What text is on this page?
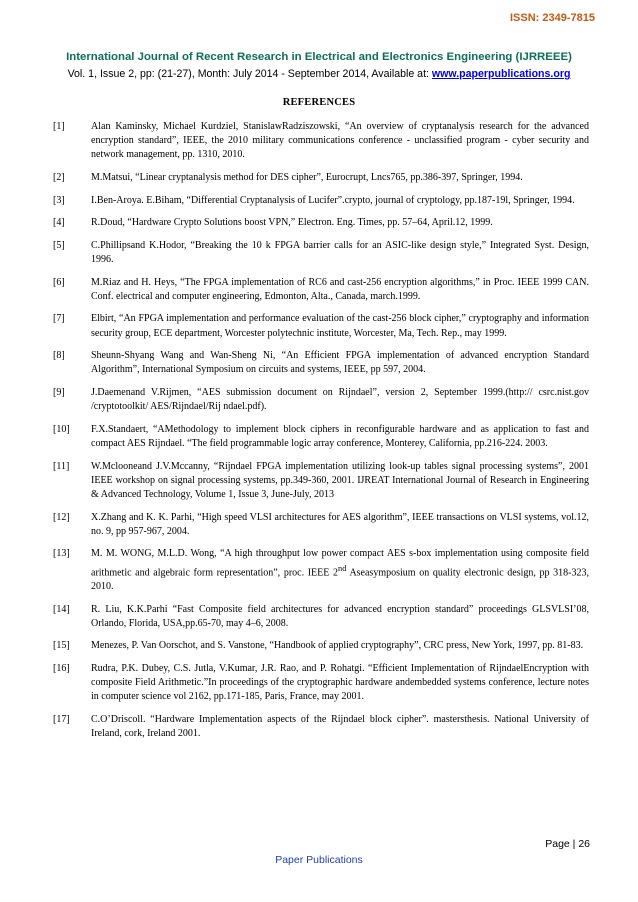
ISSN: 2349-7815
International Journal of Recent Research in Electrical and Electronics Engineering (IJRREEE)
Vol. 1, Issue 2, pp: (21-27), Month: July 2014 - September 2014, Available at: www.paperpublications.org
REFERENCES
[1]	Alan Kaminsky, Michael Kurdziel, StanislawRadziszowski, “An overview of cryptanalysis research for the advanced encryption standard”, IEEE, the 2010 military communications conference - unclassified program - cyber security and network management, pp. 1310, 2010.
[2]	M.Matsui, “Linear cryptanalysis method for DES cipher”, Eurocrupt, Lncs765, pp.386-397, Springer, 1994.
[3]	I.Ben-Aroya. E.Biham, “Differential Cryptanalysis of Lucifer”.crypto, journal of cryptology, pp.187-19l, Springer, 1994.
[4]	R.Doud, “Hardware Crypto Solutions boost VPN,” Electron. Eng. Times, pp. 57–64, April.12, 1999.
[5]	C.Phillipsand K.Hodor, “Breaking the 10 k FPGA barrier calls for an ASIC-like design style,” Integrated Syst. Design, 1996.
[6]	M.Riaz and H. Heys, “The FPGA implementation of RC6 and cast-256 encryption algorithms,” in Proc. IEEE 1999 CAN. Conf. electrical and computer engineering, Edmonton, Alta., Canada, march.1999.
[7]	Elbirt, “An FPGA implementation and performance evaluation of the cast-256 block cipher,” cryptography and information security group, ECE department, Worcester polytechnic institute, Worcester, Ma, Tech. Rep., may 1999.
[8]	Sheunn-Shyang Wang and Wan-Sheng Ni, “An Efficient FPGA implementation of advanced encryption Standard Algorithm”, International Symposium on circuits and systems, IEEE, pp 597, 2004.
[9]	J.Daemenand V.Rijmen, “AES submission document on Rijndael”, version 2, September 1999.(http:// csrc.nist.gov /cryptotoolkit/ AES/Rijndael/Rij ndael.pdf).
[10]	F.X.Standaert, “AMethodology to implement block ciphers in reconfigurable hardware and as application to fast and compact AES Rijndael. “The field programmable logic array conference, Monterey, California, pp.216-224. 2003.
[11]	W.Mclooneand J.V.Mccanny, “Rijndael FPGA implementation utilizing look-up tables signal processing systems”, 2001 IEEE workshop on signal processing systems, pp.349-360, 2001. IJREAT International Journal of Research in Engineering & Advanced Technology, Volume 1, Issue 3, June-July, 2013
[12]	X.Zhang and K. K. Parhi, “High speed VLSI architectures for AES algorithm”, IEEE transactions on VLSI systems, vol.12, no. 9, pp 957-967, 2004.
[13]	M. M. WONG, M.L.D. Wong, “A high throughput low power compact AES s-box implementation using composite field arithmetic and algebraic form representation”, proc. IEEE 2nd Aseasymposium on quality electronic design, pp 318-323, 2010.
[14]	R. Liu, K.K.Parhi “Fast Composite field architectures for advanced encryption standard” proceedings GLSVLSI’08, Orlando, Florida, USA,pp.65-70, may 4–6, 2008.
[15]	Menezes, P. Van Oorschot, and S. Vanstone, “Handbook of applied cryptography”, CRC press, New York, 1997, pp. 81-83.
[16]	Rudra, P.K. Dubey, C.S. Jutla, V.Kumar, J.R. Rao, and P. Rohatgi. “Efficient Implementation of RijndaelEncryption with composite Field Arithmetic.”In proceedings of the cryptographic hardware andembedded systems conference, lecture notes in computer science vol 2162, pp.171-185, Paris, France, may 2001.
[17]	C.O’Driscoll. “Hardware Implementation aspects of the Rijndael block cipher”. mastersthesis. National University of Ireland, cork, Ireland 2001.
Page | 26
Paper Publications
